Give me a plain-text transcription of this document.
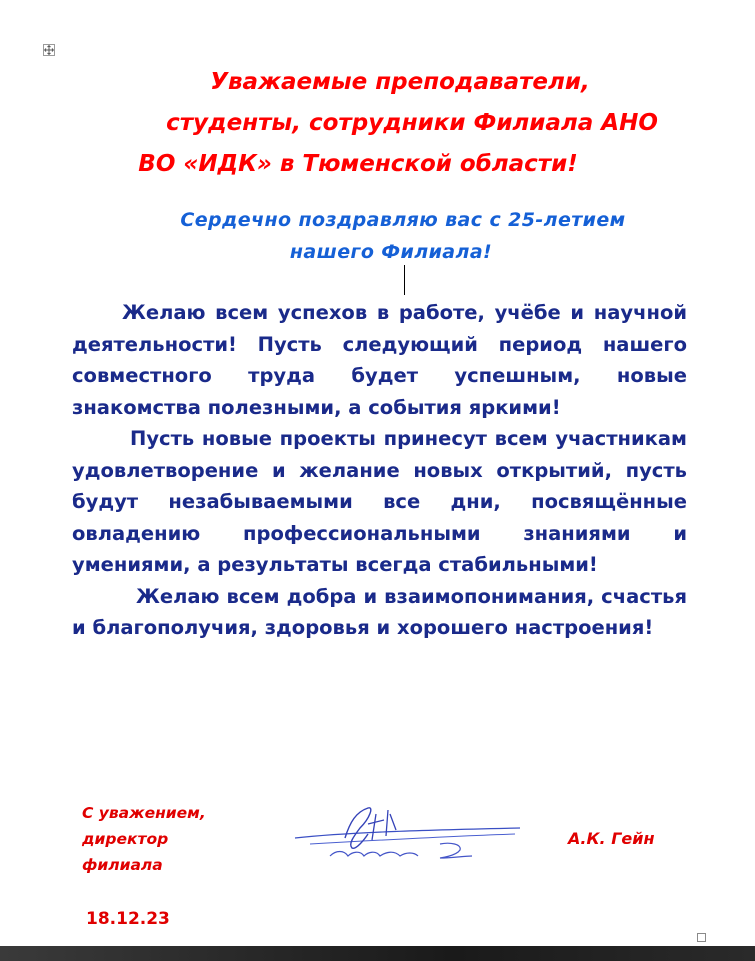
Уважаемые преподаватели,
студенты, сотрудники Филиала АНО
ВО «ИДК» в Тюменской области!
Сердечно поздравляю вас с 25-летием
нашего Филиала!

Желаю всем успехов в работе, учёбе и научной деятельности! Пусть следующий период нашего совместного труда будет успешным, новые знакомства полезными, а события яркими!

Пусть новые проекты принесут всем участникам удовлетворение и желание новых открытий, пусть будут незабываемыми все дни, посвящённые овладению профессиональными знаниями и умениями, а результаты всегда стабильными!

Желаю всем добра и взаимопонимания, счастья и благополучия, здоровья и хорошего настроения!

С уважением,
директор
филиала
А.К. Гейн
18.12.23
